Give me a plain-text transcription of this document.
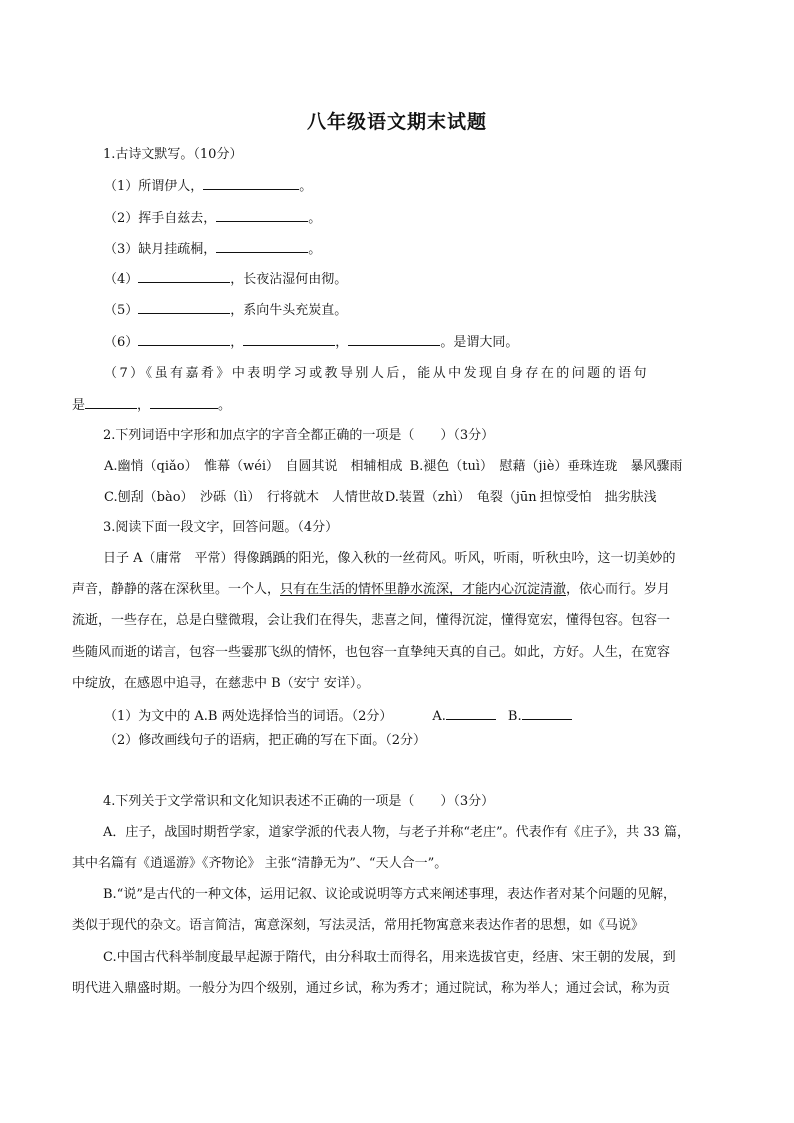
八年级语文期末试题
1.古诗文默写。（10分）
（1）所谓伊人，	。
（2）挥手自兹去，	。
（3）缺月挂疏桐，	。
（4）	，长夜沾湿何由彻。
（5）	，系向牛头充炭直。
（6）	，	，	。是谓大同。
（7）《虽有嘉肴》中表明学习或教导别人后，能从中发现自身存在的问题的语句
是	，	。
2.下列词语中字形和加点字的字音全都正确的一项是（　　）（3分）
A.幽悄（qiǎo）　惟幕（wéi）　自圆其说　相辅相成 B.褪色（tuì）　慰藉（jiè）垂珠连珑　暴风骤雨
C.刨刮（bào）　沙砾（lì）　行将就木　人情世故D.装置（zhì）　龟裂（jūn 担惊受怕　拙劣肤浅
3.阅读下面一段文字，回答问题。（4分）
日子 A（庸常　平常）得像踽踽的阳光，像入秋的一丝荷风。听风，听雨，听秋虫吟，这一切美妙的
声音，静静的落在深秋里。一个人，只有在生活的情怀里静水流深，才能内心沉淀清澈，依心而行。岁月
流逝，一些存在，总是白璧微瑕，会让我们在得失，悲喜之间，懂得沉淀，懂得宽宏，懂得包容。包容一
些随风而逝的诺言，包容一些霎那飞纵的情怀，也包容一直挚纯天真的自己。如此，方好。人生，在宽容
中绽放，在感恩中追寻，在慈悲中 B（安宁 安详）。
（1）为文中的 A.B 两处选择恰当的词语。（2分）	A.	B.
（2）修改画线句子的语病，把正确的写在下面。（2分）
4.下列关于文学常识和文化知识表述不正确的一项是（　　）（3分）
A．庄子，战国时期哲学家，道家学派的代表人物，与老子并称“老庄”。代表作有《庄子》，共 33 篇，
其中名篇有《逍遥游》《齐物论》 主张“清静无为”、“天人合一”。
B.“说”是古代的一种文体，运用记叙、议论或说明等方式来阐述事理，表达作者对某个问题的见解，
类似于现代的杂文。语言简洁，寓意深刻，写法灵活，常用托物寓意来表达作者的思想，如《马说》
C.中国古代科举制度最早起源于隋代，由分科取士而得名，用来选拔官吏，经唐、宋王朝的发展，到
明代进入鼎盛时期。一般分为四个级别，通过乡试，称为秀才；通过院试，称为举人；通过会试，称为贡
